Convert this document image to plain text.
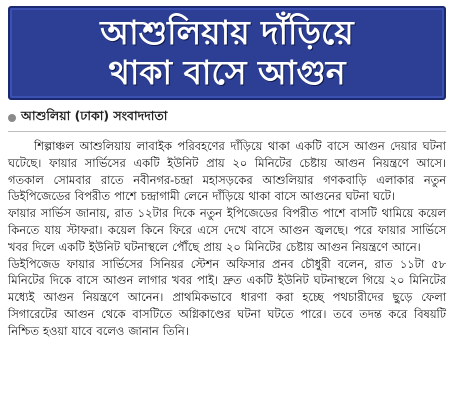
আশুলিয়ায় দাঁড়িয়ে
থাকা বাসে আগুন
আশুলিয়া (ঢাকা) সংবাদদাতা

শিল্পাঞ্চল আশুলিয়ায় লাবাইক পরিবহণের দাঁড়িয়ে থাকা একটি বাসে আগুন দেয়ার ঘটনা ঘটেছে। ফায়ার সার্ভিসের একটি ইউনিট প্রায় ২০ মিনিটের চেষ্টায় আগুন নিয়ন্ত্রণে আসে। গতকাল সোমবার রাতে নবীনগর-চন্দ্রা মহাসড়কের আশুলিয়ার গণকবাড়ি এলাকার নতুন ডিইপিজেডের বিপরীত পাশে চন্দ্রাগামী লেনে দাঁড়িয়ে থাকা বাসে আগুনের ঘটনা ঘটে।

ফায়ার সার্ভিস জানায়, রাত ১২টার দিকে নতুন ইপিজেডের বিপরীত পাশে বাসটি থামিয়ে কয়েল কিনতে যায় স্টাফরা। কয়েল কিনে ফিরে এসে দেখে বাসে আগুন জ্বলছে। পরে ফায়ার সার্ভিসে খবর দিলে একটি ইউনিট ঘটনাস্থলে পৌঁছে প্রায় ২০ মিনিটের চেষ্টায় আগুন নিয়ন্ত্রণে আনে।

ডিইপিজেড ফায়ার সার্ভিসের সিনিয়র স্টেশন অফিসার প্রনব চৌধুরী বলেন, রাত ১১টা ৫৮ মিনিটের দিকে বাসে আগুন লাগার খবর পাই। দ্রুত একটি ইউনিট ঘটনাস্থলে গিয়ে ২০ মিনিটের মধ্যেই আগুন নিয়ন্ত্রণে আনেন। প্রাথমিকভাবে ধারণা করা হচ্ছে পথচারীদের ছুড়ে ফেলা সিগারেটের আগুন থেকে বাসটিতে অগ্নিকাণ্ডের ঘটনা ঘটতে পারে। তবে তদন্ত করে বিষয়টি নিশ্চিত হওয়া যাবে বলেও জানান তিনি।
